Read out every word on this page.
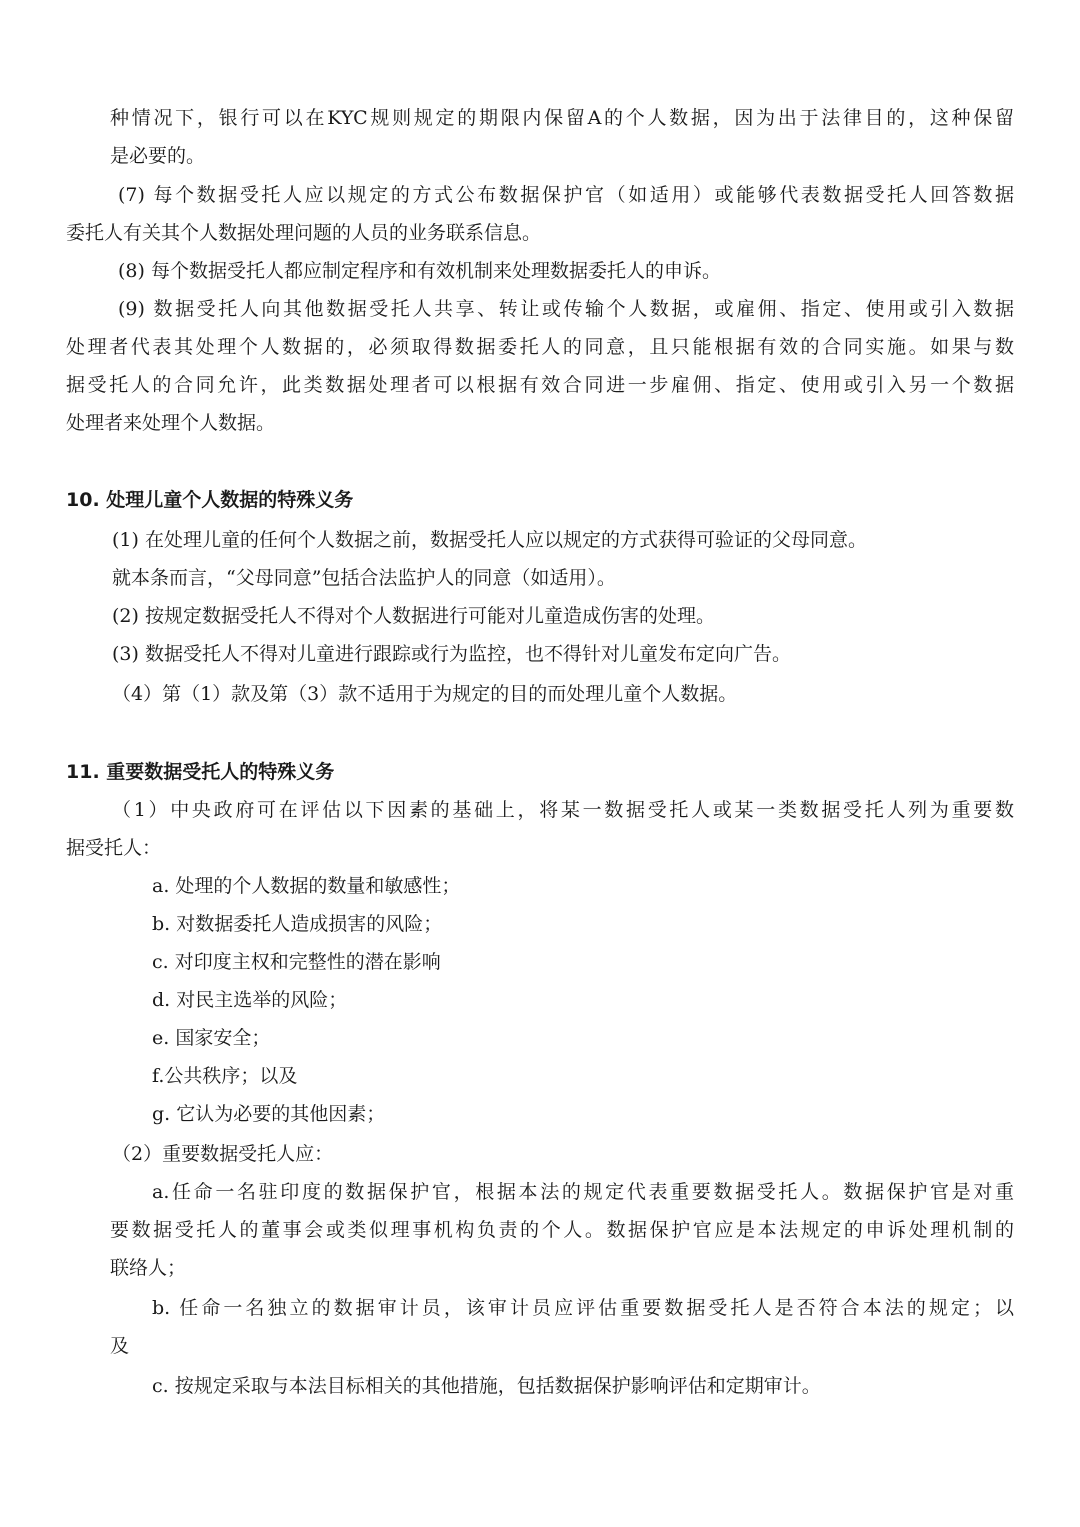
种情况下，银行可以在KYC规则规定的期限内保留A的个人数据，因为出于法律目的，这种保留

是必要的。

(7) 每个数据受托人应以规定的方式公布数据保护官（如适用）或能够代表数据受托人回答数据

委托人有关其个人数据处理问题的人员的业务联系信息。

(8) 每个数据受托人都应制定程序和有效机制来处理数据委托人的申诉。

(9) 数据受托人向其他数据受托人共享、转让或传输个人数据，或雇佣、指定、使用或引入数据

处理者代表其处理个人数据的，必须取得数据委托人的同意，且只能根据有效的合同实施。如果与数

据受托人的合同允许，此类数据处理者可以根据有效合同进一步雇佣、指定、使用或引入另一个数据

处理者来处理个人数据。

10. 处理儿童个人数据的特殊义务

(1) 在处理儿童的任何个人数据之前，数据受托人应以规定的方式获得可验证的父母同意。

就本条而言，“父母同意”包括合法监护人的同意（如适用）。

(2) 按规定数据受托人不得对个人数据进行可能对儿童造成伤害的处理。

(3) 数据受托人不得对儿童进行跟踪或行为监控，也不得针对儿童发布定向广告。

（4）第（1）款及第（3）款不适用于为规定的目的而处理儿童个人数据。

11. 重要数据受托人的特殊义务

（1）中央政府可在评估以下因素的基础上，将某一数据受托人或某一类数据受托人列为重要数

据受托人：

a. 处理的个人数据的数量和敏感性；

b. 对数据委托人造成损害的风险；

c. 对印度主权和完整性的潜在影响

d. 对民主选举的风险；

e. 国家安全；

f.公共秩序；以及

g. 它认为必要的其他因素；

（2）重要数据受托人应：

a.任命一名驻印度的数据保护官，根据本法的规定代表重要数据受托人。数据保护官是对重

要数据受托人的董事会或类似理事机构负责的个人。数据保护官应是本法规定的申诉处理机制的

联络人；

b. 任命一名独立的数据审计员，该审计员应评估重要数据受托人是否符合本法的规定；以

及

c. 按规定采取与本法目标相关的其他措施，包括数据保护影响评估和定期审计。
